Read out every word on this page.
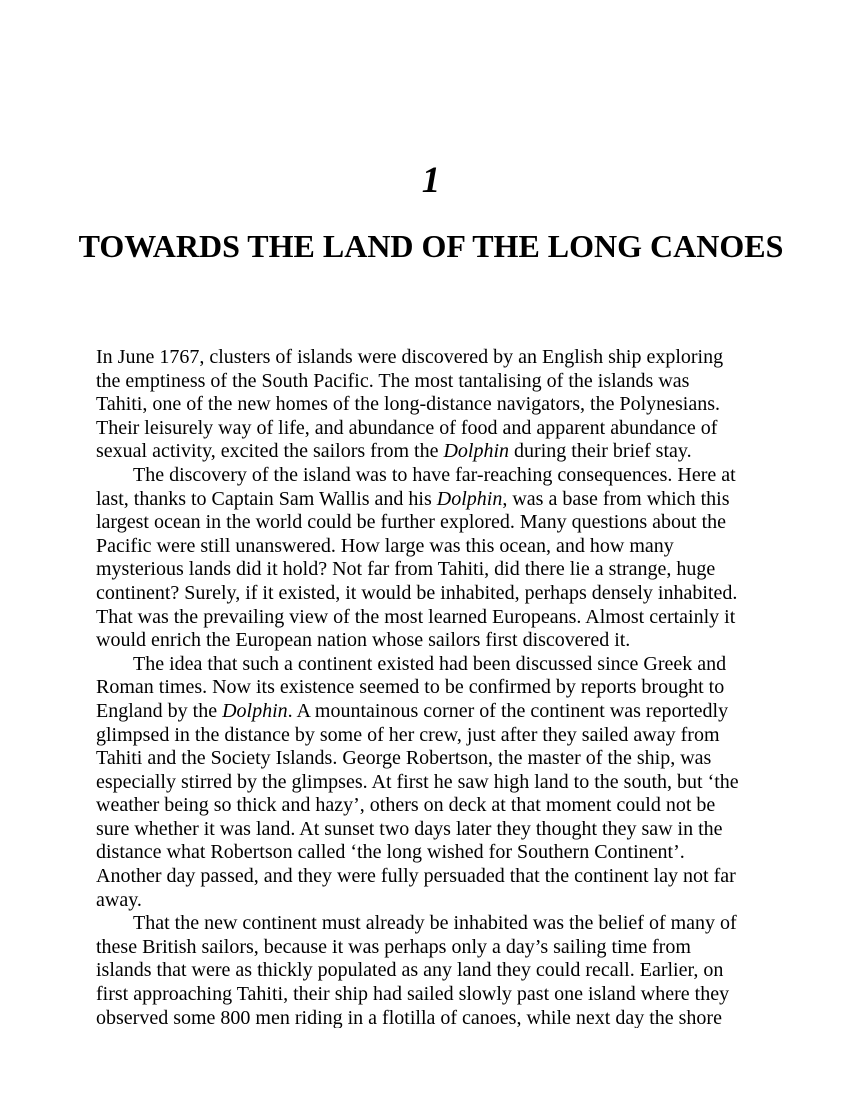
1
TOWARDS THE LAND OF THE LONG CANOES
In June 1767, clusters of islands were discovered by an English ship exploring
the emptiness of the South Pacific. The most tantalising of the islands was
Tahiti, one of the new homes of the long-distance navigators, the Polynesians.
Their leisurely way of life, and abundance of food and apparent abundance of
sexual activity, excited the sailors from the Dolphin during their brief stay.
The discovery of the island was to have far-reaching consequences. Here at
last, thanks to Captain Sam Wallis and his Dolphin, was a base from which this
largest ocean in the world could be further explored. Many questions about the
Pacific were still unanswered. How large was this ocean, and how many
mysterious lands did it hold? Not far from Tahiti, did there lie a strange, huge
continent? Surely, if it existed, it would be inhabited, perhaps densely inhabited.
That was the prevailing view of the most learned Europeans. Almost certainly it
would enrich the European nation whose sailors first discovered it.
The idea that such a continent existed had been discussed since Greek and
Roman times. Now its existence seemed to be confirmed by reports brought to
England by the Dolphin. A mountainous corner of the continent was reportedly
glimpsed in the distance by some of her crew, just after they sailed away from
Tahiti and the Society Islands. George Robertson, the master of the ship, was
especially stirred by the glimpses. At first he saw high land to the south, but ‘the
weather being so thick and hazy’, others on deck at that moment could not be
sure whether it was land. At sunset two days later they thought they saw in the
distance what Robertson called ‘the long wished for Southern Continent’.
Another day passed, and they were fully persuaded that the continent lay not far
away.
That the new continent must already be inhabited was the belief of many of
these British sailors, because it was perhaps only a day’s sailing time from
islands that were as thickly populated as any land they could recall. Earlier, on
first approaching Tahiti, their ship had sailed slowly past one island where they
observed some 800 men riding in a flotilla of canoes, while next day the shore
